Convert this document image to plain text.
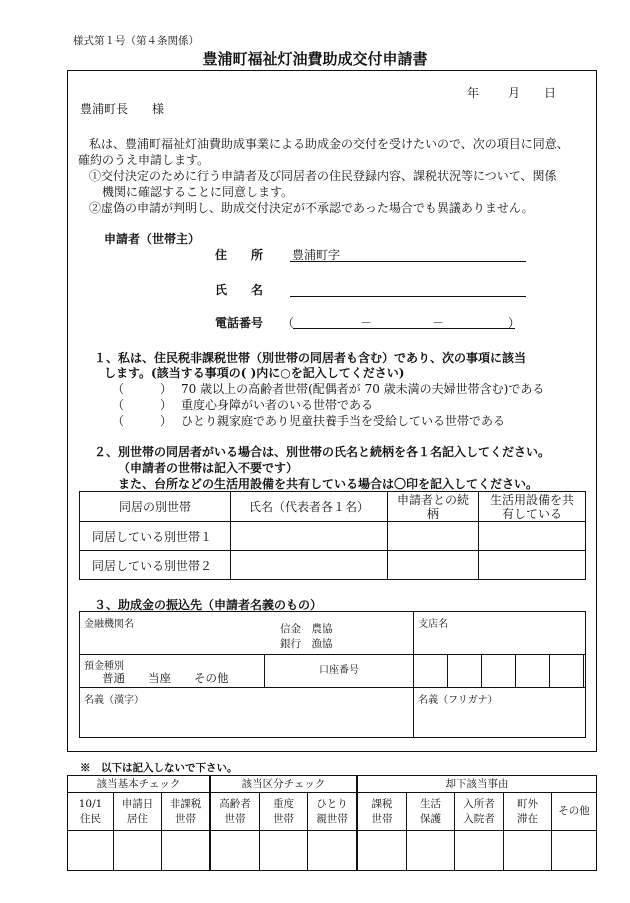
様式第１号（第４条関係）
豊浦町福祉灯油費助成交付申請書
年 月 日
豊浦町長　　様
私は、豊浦町福祉灯油費助成事業による助成金の交付を受けたいので、次の項目に同意、
確約のうえ申請します。
①交付決定のために行う申請者及び同居者の住民登録内容、課税状況等について、関係
機関に確認することに同意します。
②虚偽の申請が判明し、助成交付決定が不承認であった場合でも異議ありません。
申請者（世帯主）
住　　所 豊浦町字
氏　　名
電話番号 （	－	－	）
１、私は、住民税非課税世帯（別世帯の同居者も含む）であり、次の事項に該当
します。(該当する事項の( )内に○を記入してください)
（　　　） 70 歳以上の高齢者世帯(配偶者が 70 歳未満の夫婦世帯含む)である
（　　　） 重度心身障がい者のいる世帯である
（　　　） ひとり親家庭であり児童扶養手当を受給している世帯である
２、別世帯の同居者がいる場合は、別世帯の氏名と続柄を各１名記入してください。
（申請者の世帯は記入不要です）
また、台所などの生活用設備を共有している場合は〇印を記入してください。
同居の別世帯	氏名（代表者各１名）	申請者との続柄	生活用設備を共有している
同居している別世帯１			
同居している別世帯２			
３、助成金の振込先（申請者名義のもの）
金融機関名 信金　農協
銀行　漁協		支店名					

預金種別
普通　　当座　　その他	口座番号						

名義（漢字）		名義（フリガナ）					
※　以下は記入しないで下さい。
該当基本チェック			該当区分チェック			却下該当事由				
10/1 住民	申請日 居住	非課税 世帯	高齢者 世帯	重度 世帯	ひとり 親世帯	課税 世帯	生活 保護	入所者 入院者	町外 滞在	その他
